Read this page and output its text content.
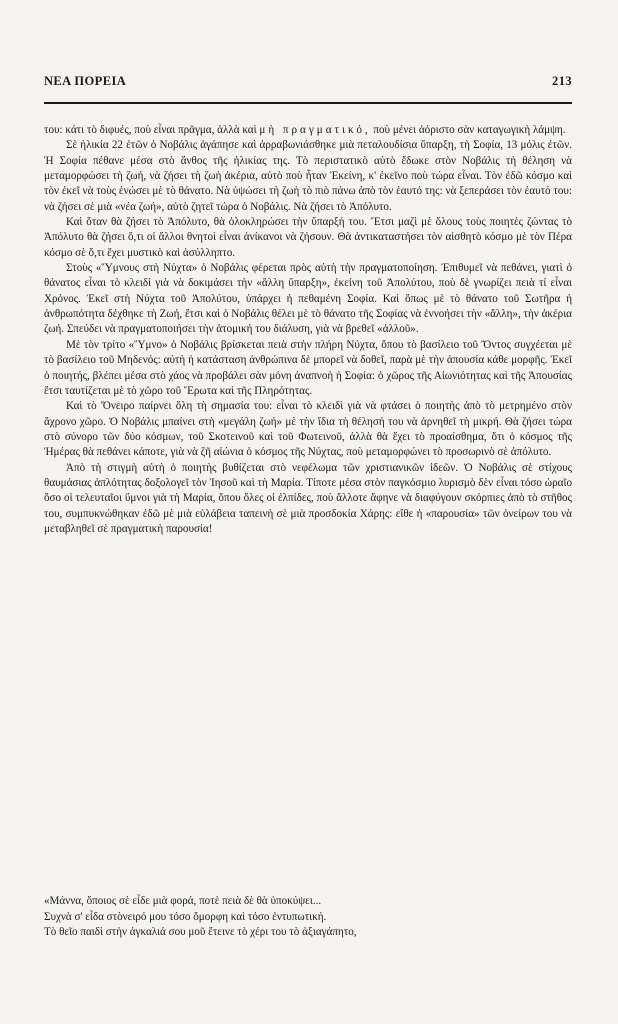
ΝΕΑ ΠΟΡΕΙΑ	213

του: κάτι τὸ διφυές, ποὺ εἶναι πρᾶγμα, ἀλλὰ καὶ μὴ πραγματικό, ποὺ μένει ἀόριστο σὰν καταγωγικὴ λάμψη.

Σὲ ἡλικία 22 ἐτῶν ὁ Νοβάλις ἀγάπησε καὶ ἀρραβωνιάσθηκε μιὰ πεταλουδίσια ὕπαρξη, τὴ Σοφία, 13 μόλις ἐτῶν. Ἡ Σοφία πέθανε μέσα στὸ ἄνθος τῆς ἡλικίας της. Τὸ περιστατικὸ αὐτὸ ἔδωκε στὸν Νοβάλις τὴ θέληση νὰ μεταμορφώσει τὴ ζωή, νὰ ζήσει τὴ ζωὴ ἀκέρια, αὐτὸ ποὺ ἦταν Ἐκείνη, κ' ἐκεῖνο ποὺ τώρα εἶναι. Τὸν ἐδῶ κόσμο καὶ τὸν ἐκεῖ νὰ τοὺς ἑνώσει μὲ τὸ θάνατο. Νὰ ὑψώσει τὴ ζωὴ τὸ πιὸ πάνω ἀπὸ τὸν ἑαυτό της: νὰ ξεπεράσει τὸν ἑαυτό του: νὰ ζήσει σὲ μιὰ «νέα ζωή», αὐτὸ ζητεῖ τώρα ὁ Νοβάλις. Νὰ ζήσει τὸ Ἀπόλυτο.

Καὶ ὅταν θὰ ζήσει τὸ Ἀπόλυτο, θὰ ὁλοκληρώσει τὴν ὕπαρξή του. Ἔτσι μαζὶ μὲ ὅλους τοὺς ποιητὲς ζώντας τὸ Ἀπόλυτο θὰ ζήσει ὅ,τι οἱ ἄλλοι θνητοὶ εἶναι ἀνίκανοι νὰ ζήσουν. Θὰ ἀντικαταστήσει τὸν αἰσθητὸ κόσμο μὲ τὸν Πέρα κόσμο σὲ ὅ,τι ἔχει μυστικὸ καὶ ἀσύλληπτο.

Στοὺς «Ὕμνους στὴ Νύχτα» ὁ Νοβάλις φέρεται πρὸς αὐτὴ τὴν πραγματοποίηση. Ἐπιθυμεῖ νὰ πεθάνει, γιατὶ ὁ θάνατος εἶναι τὸ κλειδὶ γιὰ νὰ δοκιμάσει τὴν «ἄλλη ὕπαρξη», ἐκείνη τοῦ Ἀπολύτου, ποὺ δὲ γνωρίζει πειὰ τί εἶναι Χρόνος. Ἐκεῖ στὴ Νύχτα τοῦ Ἀπολύτου, ὑπάρχει ἡ πεθαμένη Σοφία. Καὶ ὅπως μὲ τὸ θάνατο τοῦ Σωτῆρα ἡ ἀνθρωπότητα δέχθηκε τὴ Ζωή, ἔτσι καὶ ὁ Νοβάλις θέλει μὲ τὸ θάνατο τῆς Σοφίας νὰ ἐννοήσει τὴν «ἄλλη», τὴν ἀκέρια ζωή. Σπεύδει νὰ πραγματοποιήσει τὴν ἀτομική του διάλυση, γιὰ νὰ βρεθεῖ «ἀλλοῦ».

Μὲ τὸν τρίτο «Ὕμνο» ὁ Νοβάλις βρίσκεται πειὰ στὴν πλήρη Νύχτα, ὅπου τὸ βασίλειο τοῦ Ὄντος συγχέεται μὲ τὸ βασίλειο τοῦ Μηδενός: αὐτὴ ἡ κατάσταση ἀνθρώπινα δὲ μπορεῖ νὰ δοθεῖ, παρὰ μὲ τὴν ἀπουσία κάθε μορφῆς. Ἐκεῖ ὁ ποιητής, βλέπει μέσα στὸ χάος νὰ προβάλει σὰν μόνη ἀναπνοὴ ἡ Σοφία: ὁ χῶρος τῆς Αἰωνιότητας καὶ τῆς Ἀπουσίας ἔτσι ταυτίζεται μὲ τὸ χῶρο τοῦ Ἔρωτα καὶ τῆς Πληρότητας.

Καὶ τὸ Ὄνειρο παίρνει ὅλη τὴ σημασία του: εἶναι τὸ κλειδὶ γιὰ νὰ φτάσει ὁ ποιητὴς ἀπὸ τὸ μετρημένο στὸν ἄχρονο χῶρο. Ὁ Νοβάλις μπαίνει στὴ «μεγάλη ζωή» μὲ τὴν ἴδια τὴ θέλησή του νὰ ἀρνηθεῖ τὴ μικρή. Θὰ ζήσει τώρα στὸ σύνορο τῶν δύο κόσμων, τοῦ Σκοτεινοῦ καὶ τοῦ Φωτεινοῦ, ἀλλὰ θὰ ἔχει τὸ προαίσθημα, ὅτι ὁ κόσμος τῆς Ἡμέρας θὰ πεθάνει κάποτε, γιὰ νὰ ζῆ αἰώνια ὁ κόσμος τῆς Νύχτας, ποὺ μεταμορφώνει τὸ προσωρινὸ σὲ ἀπόλυτο.

Ἀπὸ τὴ στιγμὴ αὐτὴ ὁ ποιητὴς βυθίζεται στὸ νεφέλωμα τῶν χριστιανικῶν ἰδεῶν. Ὁ Νοβάλις σὲ στίχους θαυμάσιας ἁπλότητας δοξολογεῖ τὸν Ἰησοῦ καὶ τὴ Μαρία. Τίποτε μέσα στὸν παγκόσμιο λυρισμὸ δὲν εἶναι τόσο ὡραῖο ὅσο οἱ τελευταῖοι ὕμνοι γιὰ τὴ Μαρία, ὅπου ὅλες οἱ ἐλπίδες, ποὺ ἄλλοτε ἄφηνε νὰ διαφύγουν σκόρπιες ἀπὸ τὸ στῆθος του, συμπυκνώθηκαν ἐδῶ μὲ μιὰ εὐλάβεια ταπεινὴ σὲ μιὰ προσδοκία Χάρης: εἴθε ἡ «παρουσία» τῶν ὀνείρων του νὰ μεταβληθεῖ σὲ πραγματικὴ παρουσία!

«Μάννα, ὅποιος σὲ εἶδε μιὰ φορά, ποτὲ πειὰ δὲ θὰ ὑποκύψει...
Συχνὰ σ' εἶδα στὸνειρό μου τόσο ὄμορφη καὶ τόσο ἐντυπωτική.
Τὸ θεῖο παιδὶ στὴν ἀγκαλιά σου μοῦ ἔτεινε τὸ χέρι του τὸ ἀξιαγάπητο,
